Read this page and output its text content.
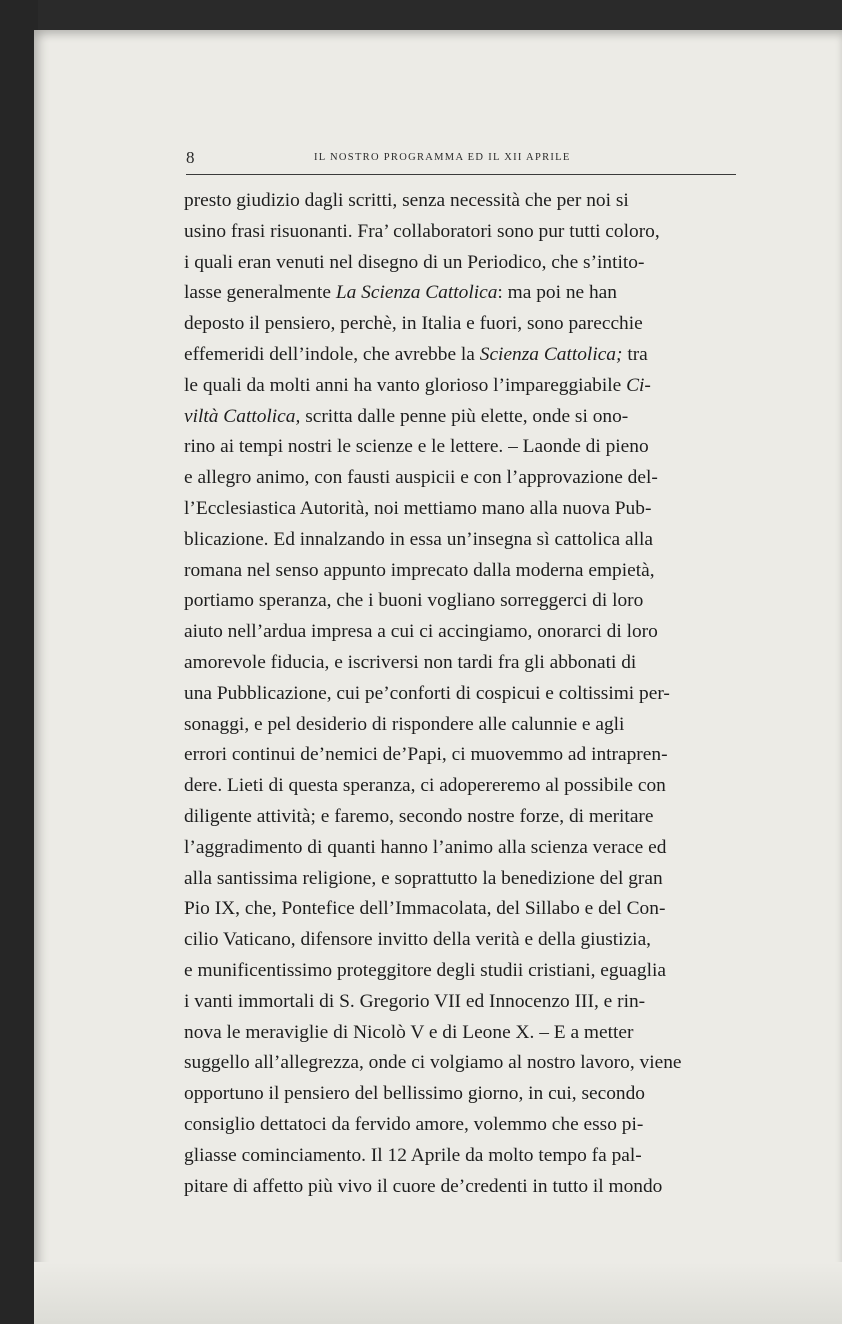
8	IL NOSTRO PROGRAMMA ED IL XII APRILE
presto giudizio dagli scritti, senza necessità che per noi si
usino frasi risuonanti. Fra’ collaboratori sono pur tutti coloro,
i quali eran venuti nel disegno di un Periodico, che s’intito-
lasse generalmente La Scienza Cattolica: ma poi ne han
deposto il pensiero, perchè, in Italia e fuori, sono parecchie
effemeridi dell’indole, che avrebbe la Scienza Cattolica; tra
le quali da molti anni ha vanto glorioso l’impareggiabile Ci-
viltà Cattolica, scritta dalle penne più elette, onde si ono-
rino ai tempi nostri le scienze e le lettere. – Laonde di pieno
e allegro animo, con fausti auspicii e con l’approvazione del-
l’Ecclesiastica Autorità, noi mettiamo mano alla nuova Pub-
blicazione. Ed innalzando in essa un’insegna sì cattolica alla
romana nel senso appunto imprecato dalla moderna empietà,
portiamo speranza, che i buoni vogliano sorreggerci di loro
aiuto nell’ardua impresa a cui ci accingiamo, onorarci di loro
amorevole fiducia, e iscriversi non tardi fra gli abbonati di
una Pubblicazione, cui pe’conforti di cospicui e coltissimi per-
sonaggi, e pel desiderio di rispondere alle calunnie e agli
errori continui de’nemici de’Papi, ci muovemmo ad intrapren-
dere. Lieti di questa speranza, ci adopereremo al possibile con
diligente attività; e faremo, secondo nostre forze, di meritare
l’aggradimento di quanti hanno l’animo alla scienza verace ed
alla santissima religione, e soprattutto la benedizione del gran
Pio IX, che, Pontefice dell’Immacolata, del Sillabo e del Con-
cilio Vaticano, difensore invitto della verità e della giustizia,
e munificentissimo proteggitore degli studii cristiani, eguaglia
i vanti immortali di S. Gregorio VII ed Innocenzo III, e rin-
nova le meraviglie di Nicolò V e di Leone X. – E a metter
suggello all’allegrezza, onde ci volgiamo al nostro lavoro, viene
opportuno il pensiero del bellissimo giorno, in cui, secondo
consiglio dettatoci da fervido amore, volemmo che esso pi-
gliasse cominciamento. Il 12 Aprile da molto tempo fa pal-
pitare di affetto più vivo il cuore de’credenti in tutto il mondo
